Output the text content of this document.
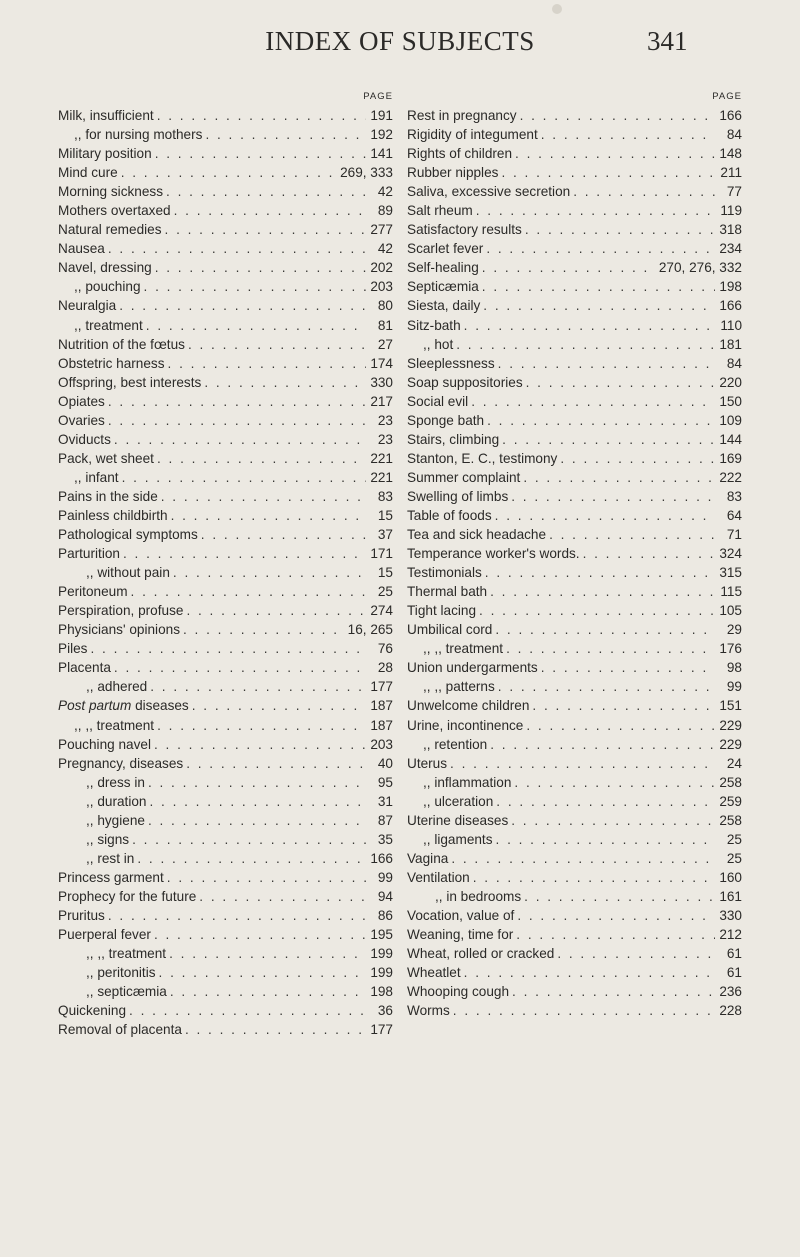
INDEX OF SUBJECTS	341
PAGE
Milk, insufficient . . .	191
,, for nursing mothers . . .	192
Military position . . .	141
Mind cure . . .	269, 333
Morning sickness . . .	42
Mothers overtaxed . . .	89
Natural remedies . . .	277
Nausea . . .	42
Navel, dressing . . .	202
,, pouching . . .	203
Neuralgia . . .	80
,, treatment . . .	81
Nutrition of the fœtus . . .	27
Obstetric harness . . .	174
Offspring, best interests . . .	330
Opiates . . .	217
Ovaries . . .	23
Oviducts . . .	23
Pack, wet sheet . . .	221
,, infant . . .	221
Pains in the side . . .	83
Painless childbirth . . .	15
Pathological symptoms . . .	37
Parturition . . .	171
,, without pain . . .	15
Peritoneum . . .	25
Perspiration, profuse . . .	274
Physicians' opinions . . .	16, 265
Piles . . .	76
Placenta . . .	28
,, adhered . . .	177
Post partum diseases . . .	187
,, ,, treatment . . .	187
Pouching navel . . .	203
Pregnancy, diseases . . .	40
,, dress in . . .	95
,, duration . . .	31
,, hygiene . . .	87
,, signs . . .	35
,, rest in . . .	166
Princess garment . . .	99
Prophecy for the future . . .	94
Pruritus . . .	86
Puerperal fever . . .	195
,, ,, treatment . . .	199
,, peritonitis . . .	199
,, septicæmia . . .	198
Quickening . . .	36
Removal of placenta . . .	177
PAGE
Rest in pregnancy . . .	166
Rigidity of integument . . .	84
Rights of children . . .	148
Rubber nipples . . .	211
Saliva, excessive secretion . . .	77
Salt rheum . . .	119
Satisfactory results . . .	318
Scarlet fever . . .	234
Self-healing . . .	270, 276, 332
Septicæmia . . .	198
Siesta, daily . . .	166
Sitz-bath . . .	110
,, hot . . .	181
Sleeplessness . . .	84
Soap suppositories . . .	220
Social evil . . .	150
Sponge bath . . .	109
Stairs, climbing . . .	144
Stanton, E. C., testimony . . .	169
Summer complaint . . .	222
Swelling of limbs . . .	83
Table of foods . . .	64
Tea and sick headache . . .	71
Temperance worker's words. . . .	324
Testimonials . . .	315
Thermal bath . . .	115
Tight lacing . . .	105
Umbilical cord . . .	29
,, ,, treatment . . .	176
Union undergarments . . .	98
,, ,, patterns . . .	99
Unwelcome children . . .	151
Urine, incontinence . . .	229
,, retention . . .	229
Uterus . . .	24
,, inflammation . . .	258
,, ulceration . . .	259
Uterine diseases . . .	258
,, ligaments . . .	25
Vagina . . .	25
Ventilation . . .	160
,, in bedrooms . . .	161
Vocation, value of . . .	330
Weaning, time for . . .	212
Wheat, rolled or cracked . . .	61
Wheatlet . . .	61
Whooping cough . . .	236
Worms . . .	228
